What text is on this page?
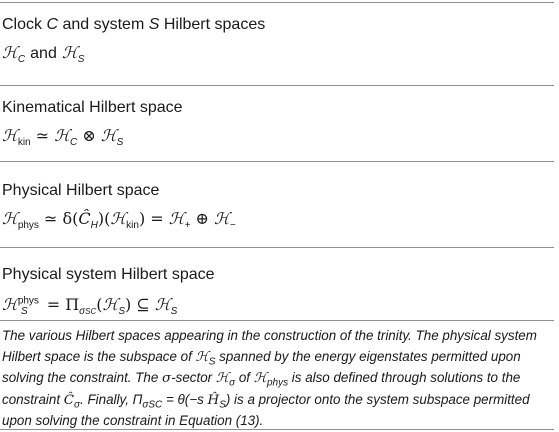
Clock C and system S Hilbert spaces
ℋ$_C$ and ℋ$_S$
Kinematical Hilbert space
ℋ$_{kin}$ ≃ ℋ$_C$ ⊗ ℋ$_S$
Physical Hilbert space
ℋ$_{phys}$ ≃ $\delta(Ĉ_H)(ℋ_{kin})$ = ℋ$_+$ ⊕ ℋ$_-$
Physical system Hilbert space
ℋ$^{phys}_S$ = $\Pi_{\sigma SC}(ℋ_S)$ ⊆ ℋ$_S$
The various Hilbert spaces appearing in the construction of the trinity. The physical system
Hilbert space is the subspace of ℋ$_S$ spanned by the energy eigenstates permitted upon
solving the constraint. The σ-sector ℋ$_\sigma$ of ℋ$_{phys}$ is also defined through solutions to the
constraint $Ĉ_\sigma$. Finally, $\Pi_{\sigma SC} = \theta(-s$ $Ĥ_S$) is a projector onto the system subspace permitted
upon solving the constraint in Equation (13).
